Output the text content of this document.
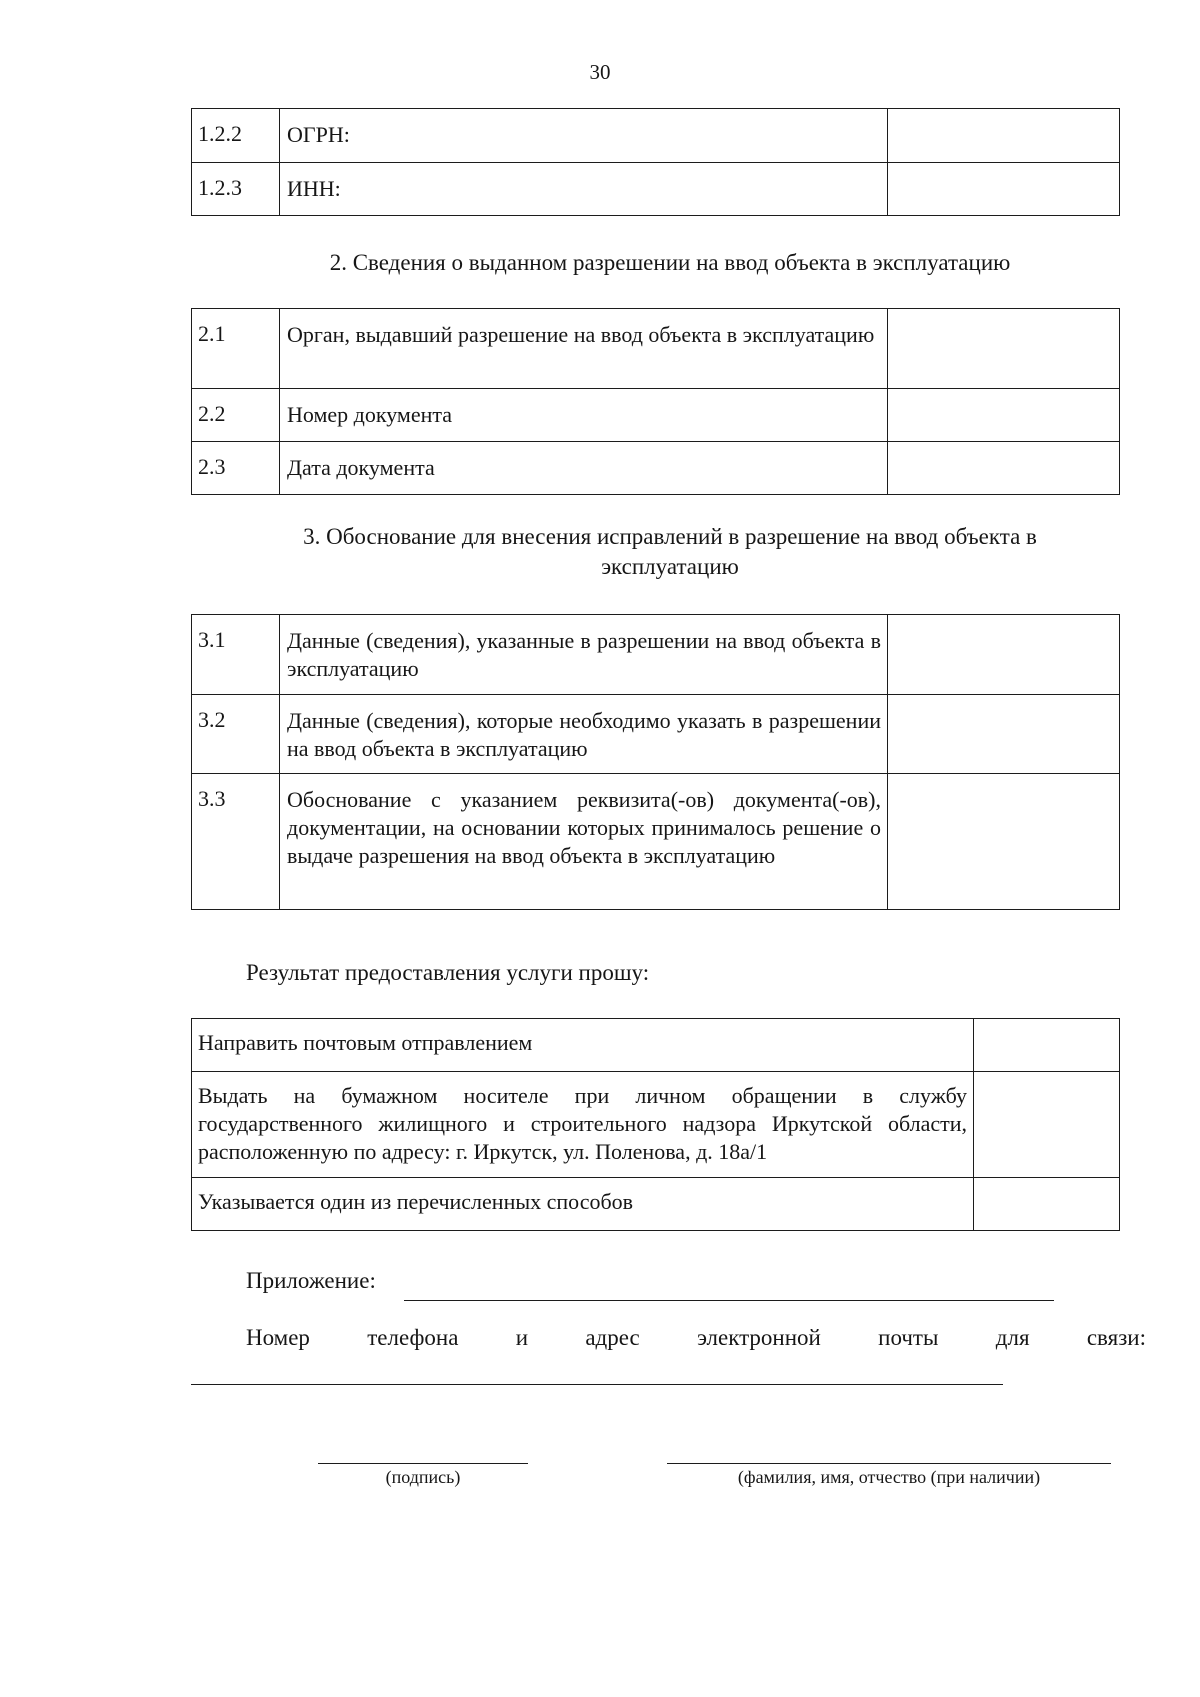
30
1.2.2	ОГРН:	
1.2.3	ИНН:	
2. Сведения о выданном разрешении на ввод объекта в эксплуатацию
2.1	Орган, выдавший разрешение на ввод объекта в эксплуатацию	
2.2	Номер документа	
2.3	Дата документа	
3. Обоснование для внесения исправлений в разрешение на ввод объекта в эксплуатацию
3.1	Данные (сведения), указанные в разрешении на ввод объекта в эксплуатацию	
3.2	Данные (сведения), которые необходимо указать в разрешении на ввод объекта в эксплуатацию	
3.3	Обоснование с указанием реквизита(-ов) документа(-ов), документации, на основании которых принималось решение о выдаче разрешения на ввод объекта в эксплуатацию	
Результат предоставления услуги прошу:
Направить почтовым отправлением	
Выдать на бумажном носителе при личном обращении в службу государственного жилищного и строительного надзора Иркутской области, расположенную по адресу: г. Иркутск, ул. Поленова, д. 18а/1	
Указывается один из перечисленных способов	
Приложение:
Номер телефона и адрес электронной почты для связи:
(подпись)	(фамилия, имя, отчество (при наличии)
